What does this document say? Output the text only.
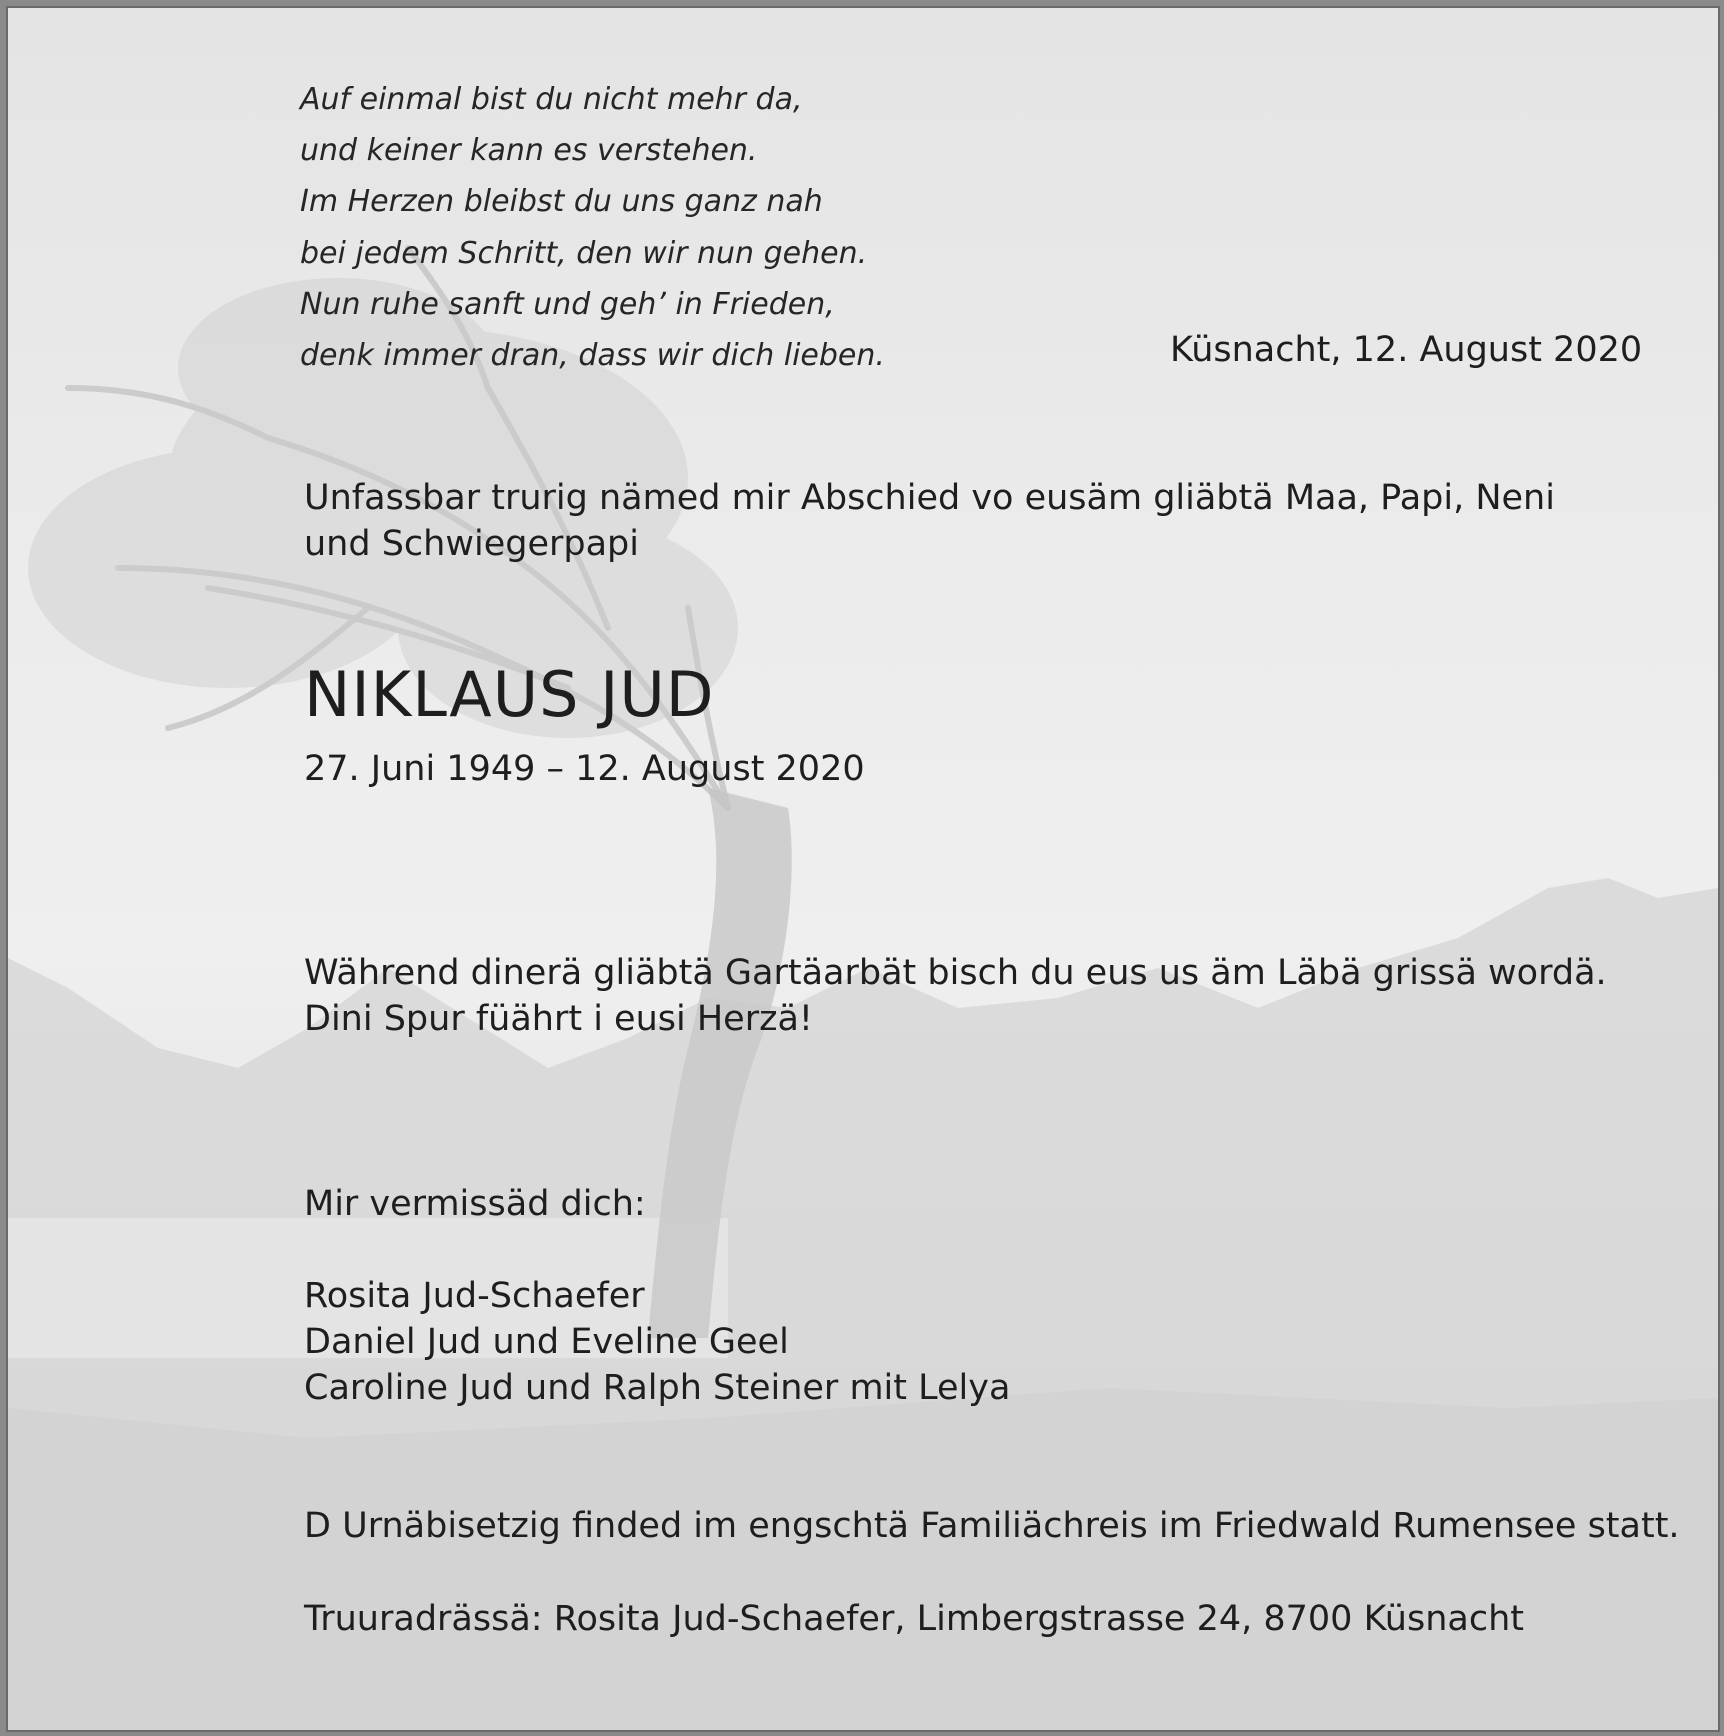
Auf einmal bist du nicht mehr da,
und keiner kann es verstehen.
Im Herzen bleibst du uns ganz nah
bei jedem Schritt, den wir nun gehen.
Nun ruhe sanft und geh’ in Frieden,
denk immer dran, dass wir dich lieben.	Küsnacht, 12. August 2020
Unfassbar trurig nämed mir Abschied vo eusäm gliäbtä Maa, Papi, Neni
und Schwiegerpapi
NIKLAUS JUD
27. Juni 1949 – 12. August 2020
Während dinerä gliäbtä Gartäarbät bisch du eus us äm Läbä grissä wordä.
Dini Spur füährt i eusi Herzä!
Mir vermissäd dich:
Rosita Jud-Schaefer
Daniel Jud und Eveline Geel
Caroline Jud und Ralph Steiner mit Lelya
D Urnäbisetzig finded im engschtä Familiächreis im Friedwald Rumensee statt.
Truuradrässä: Rosita Jud-Schaefer, Limbergstrasse 24, 8700 Küsnacht
